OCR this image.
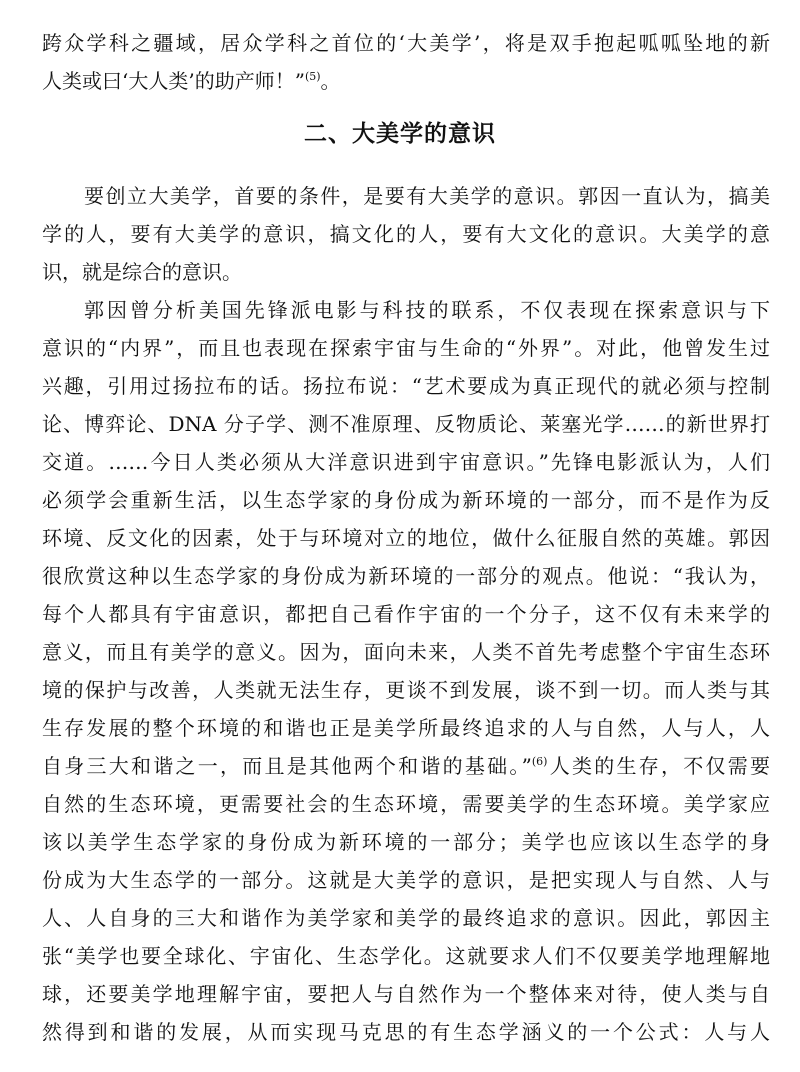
跨众学科之疆域，居众学科之首位的‘大美学’，将是双手抱起呱呱坠地的新
人类或曰‘大人类’的助产师！”$^{(5)}$。
二、大美学的意识
要创立大美学，首要的条件，是要有大美学的意识。郭因一直认为，搞美
学的人，要有大美学的意识，搞文化的人，要有大文化的意识。大美学的意
识，就是综合的意识。
郭因曾分析美国先锋派电影与科技的联系，不仅表现在探索意识与下
意识的“内界”，而且也表现在探索宇宙与生命的“外界”。对此，他曾发生过
兴趣，引用过扬拉布的话。扬拉布说：“艺术要成为真正现代的就必须与控制
论、博弈论、DNA 分子学、测不准原理、反物质论、莱塞光学……的新世界打
交道。……今日人类必须从大洋意识进到宇宙意识。”先锋电影派认为，人们
必须学会重新生活，以生态学家的身份成为新环境的一部分，而不是作为反
环境、反文化的因素，处于与环境对立的地位，做什么征服自然的英雄。郭因
很欣赏这种以生态学家的身份成为新环境的一部分的观点。他说：“我认为，
每个人都具有宇宙意识，都把自己看作宇宙的一个分子，这不仅有未来学的
意义，而且有美学的意义。因为，面向未来，人类不首先考虑整个宇宙生态环
境的保护与改善，人类就无法生存，更谈不到发展，谈不到一切。而人类与其
生存发展的整个环境的和谐也正是美学所最终追求的人与自然，人与人，人
自身三大和谐之一，而且是其他两个和谐的基础。”$^{(6)}$人类的生存，不仅需要
自然的生态环境，更需要社会的生态环境，需要美学的生态环境。美学家应
该以美学生态学家的身份成为新环境的一部分；美学也应该以生态学的身
份成为大生态学的一部分。这就是大美学的意识，是把实现人与自然、人与
人、人自身的三大和谐作为美学家和美学的最终追求的意识。因此，郭因主
张“美学也要全球化、宇宙化、生态学化。这就要求人们不仅要美学地理解地
球，还要美学地理解宇宙，要把人与自然作为一个整体来对待，使人类与自
然得到和谐的发展，从而实现马克思的有生态学涵义的一个公式：人与人
